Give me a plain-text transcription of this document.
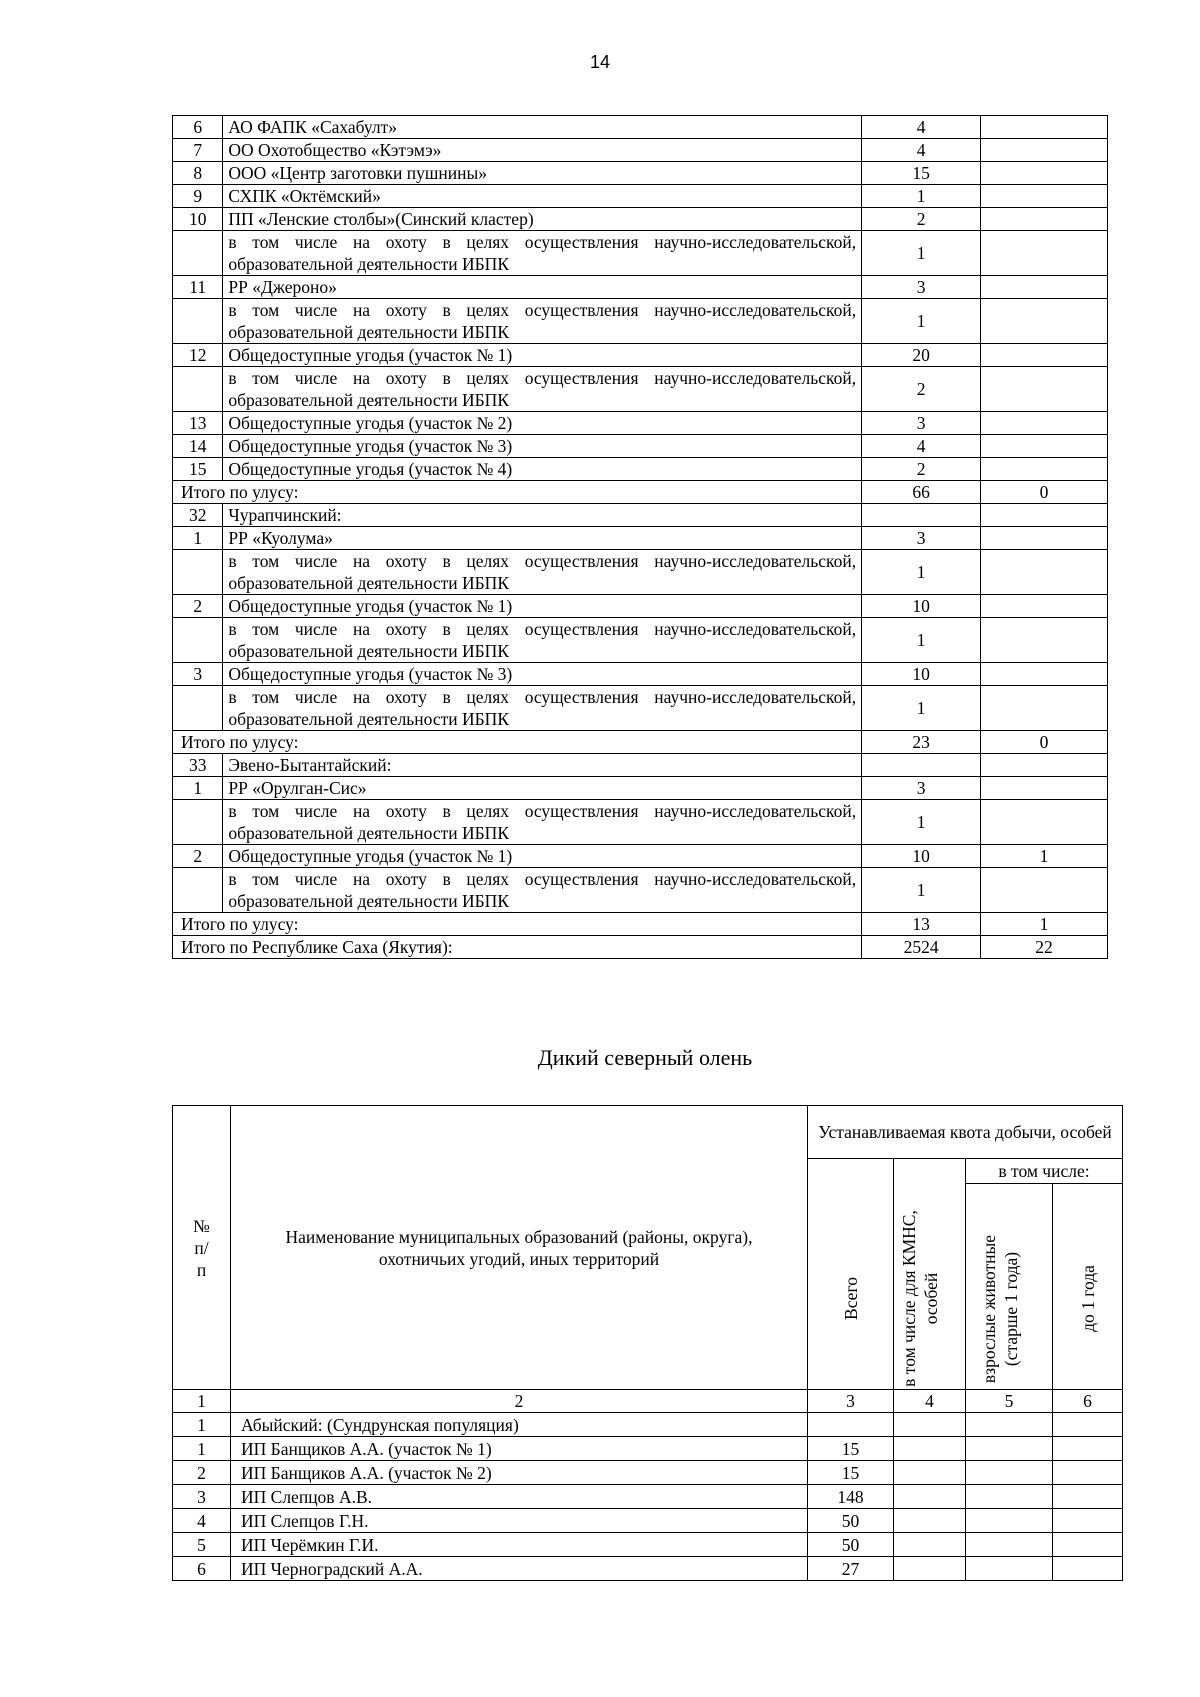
14
6	АО ФАПК «Сахабулт»	4	
7	ОО Охотобщество «Кэтэмэ»	4	
8	ООО «Центр заготовки пушнины»	15	
9	СХПК «Октёмский»	1	
10	ПП «Ленские столбы»(Синский кластер)	2	
	в том числе на охоту в целях осуществления научно-исследовательской, образовательной деятельности ИБПК	1	
11	РР «Джероно»	3	
	в том числе на охоту в целях осуществления научно-исследовательской, образовательной деятельности ИБПК	1	
12	Общедоступные угодья (участок № 1)	20	
	в том числе на охоту в целях осуществления научно-исследовательской, образовательной деятельности ИБПК	2	
13	Общедоступные угодья (участок № 2)	3	
14	Общедоступные угодья (участок № 3)	4	
15	Общедоступные угодья (участок № 4)	2	
Итого по улусу:		66	0
32	Чурапчинский:		
1	РР «Куолума»	3	
	в том числе на охоту в целях осуществления научно-исследовательской, образовательной деятельности ИБПК	1	
2	Общедоступные угодья (участок № 1)	10	
	в том числе на охоту в целях осуществления научно-исследовательской, образовательной деятельности ИБПК	1	
3	Общедоступные угодья (участок № 3)	10	
	в том числе на охоту в целях осуществления научно-исследовательской, образовательной деятельности ИБПК	1	
Итого по улусу:		23	0
33	Эвено-Бытантайский:		
1	РР «Орулган-Сис»	3	
	в том числе на охоту в целях осуществления научно-исследовательской, образовательной деятельности ИБПК	1	
2	Общедоступные угодья (участок № 1)	10	1
	в том числе на охоту в целях осуществления научно-исследовательской, образовательной деятельности ИБПК	1	
Итого по улусу:		13	1
Итого по Республике Саха (Якутия):		2524	22
Дикий северный олень
№ п/п	Наименование муниципальных образований (районы, округа), охотничьих угодий, иных территорий	Устанавливаемая квота добычи, особей			

		Всего	в том числе для КМНС, особей	в том числе:	

				взрослые животные (старше 1 года)	до 1 года

1	2	3	4	5	6
1	Абыйский: (Сундрунская популяция)				
1	ИП Банщиков А.А. (участок № 1)	15			
2	ИП Банщиков А.А. (участок № 2)	15			
3	ИП Слепцов А.В.	148			
4	ИП Слепцов Г.Н.	50			
5	ИП Черёмкин Г.И.	50			
6	ИП Черноградский А.А.	27			
